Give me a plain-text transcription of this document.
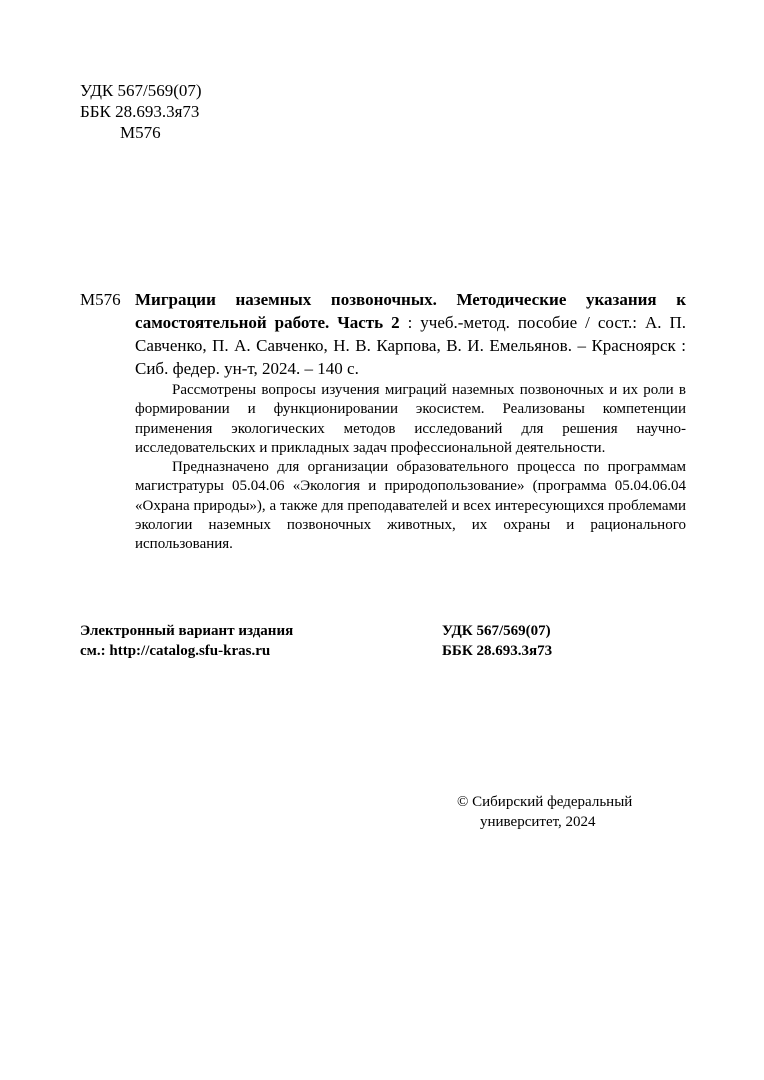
УДК 567/569(07)
ББК 28.693.3я73
М576
М576 Миграции наземных позвоночных. Методические указания к самостоятельной работе. Часть 2 : учеб.-метод. пособие / сост.: А. П. Савченко, П. А. Савченко, Н. В. Карпова, В. И. Емельянов. – Красноярск : Сиб. федер. ун-т, 2024. – 140 с.

Рассмотрены вопросы изучения миграций наземных позвоночных и их роли в формировании и функционировании экосистем. Реализованы компетенции применения экологических методов исследований для решения научно-исследовательских и прикладных задач профессиональной деятельности.

Предназначено для организации образовательного процесса по программам магистратуры 05.04.06 «Экология и природопользование» (программа 05.04.06.04 «Охрана природы»), а также для преподавателей и всех интересующихся проблемами экологии наземных позвоночных животных, их охраны и рационального использования.

Электронный вариант издания
см.: http://catalog.sfu-kras.ru
УДК 567/569(07)
ББК 28.693.3я73
© Сибирский федеральный
университет, 2024
